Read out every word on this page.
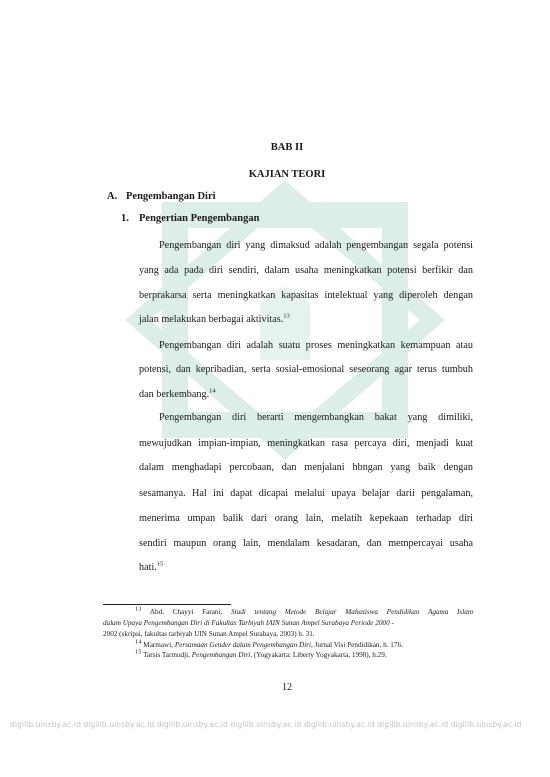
BAB II
KAJIAN TEORI
A. Pengembangan Diri
1. Pengertian Pengembangan
Pengembangan diri yang dimaksud adalah pengembangan segala potensi
yang ada pada diri sendiri, dalam usaha meningkatkan potensi berfikir dan
berprakarsa serta meningkatkan kapasitas intelektual yang diperoleh dengan
jalan melakukan berbagai aktivitas.$^{13}$
Pengembangan diri adalah suatu proses meningkatkan kemampuan atau
potensi, dan kepribadian, serta sosial-emosional seseorang agar terus tumbuh
dan berkembang.$^{14}$
Pengembangan diri berarti mengembangkan bakat yang dimiliki,
mewujudkan impian-impian, meningkatkan rasa percaya diri, menjadi kuat
dalam menghadapi percobaan, dan menjalani hbngan yang baik dengan
sesamanya. Hal ini dapat dicapai melalui upaya belajar darii pengalaman,
menerima umpan balik dari orang lain, melatih kepekaan terhadap diri
sendiri maupun orang lain, mendalam kesadaran, dan mempercayai usaha
hati.$^{15}$
$^{13}$ Abd. Chayyi Farani, Studi tentang Metode Belajar Mahasiswa Pendidikan Agama Islam
dalam Upaya Pengembangan Diri di Fakultas Tarbiyah IAIN Sunan Ampel Surabaya Periode 2000 -
2002 (skripsi, fakultas tarbiyah UIN Sunan Ampel Surabaya, 2003) h. 31.
$^{14}$ Marmawi, Persamaan Gender dalam Pengembangan Diri, Jurnal Visi Pendidikan, h. 176.
$^{15}$ Tarsis Tarmudji, Pengembangan Diri, (Yogyakarta: Liberty Yogyakarta, 1998), h.29.
12
digilib.uinsby.ac.id digilib.uinsby.ac.id digilib.uinsby.ac.id digilib.uinsby.ac.id digilib.uinsby.ac.id digilib.uinsby.ac.id digilib.uinsby.ac.id
